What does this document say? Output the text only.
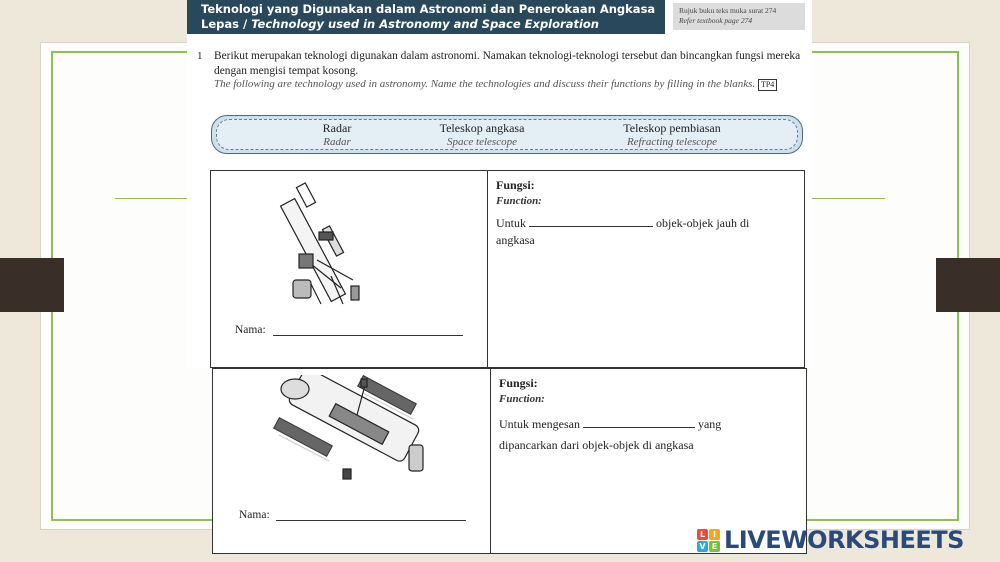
Teknologi yang Digunakan dalam Astronomi dan Penerokaan Angkasa
Lepas / Technology used in Astronomy and Space Exploration
Rujuk buku teks muka surat 274
Refer textbook page 274
1 Berikut merupakan teknologi digunakan dalam astronomi. Namakan teknologi-teknologi tersebut dan bincangkan fungsi mereka dengan mengisi tempat kosong.
The following are technology used in astronomy. Name the technologies and discuss their functions by filling in the blanks. TP4
Radar
Radar
Teleskop angkasa
Space telescope
Teleskop pembiasan
Refracting telescope
Nama:
Fungsi:
Function:
Untuk	objek-objek jauh di
angkasa
Nama:
Fungsi:
Function:
Untuk mengesan	yang
dipancarkan dari objek-objek di angkasa
L I
V E LIVEWORKSHEETS
